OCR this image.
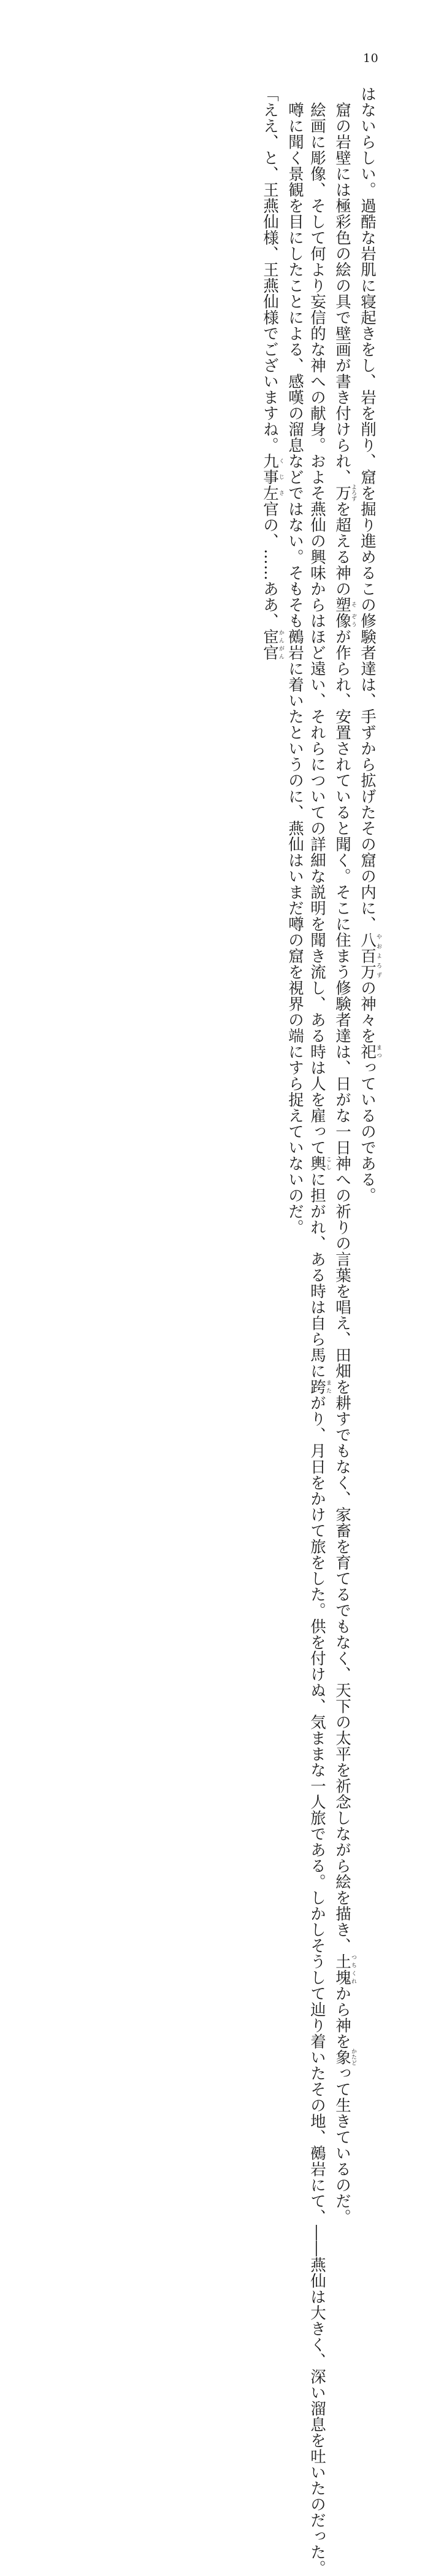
10

はないらしい。過酷な岩肌に寝起きをし、岩を削り、窟を掘り進めるこの修験者達は、手ずから拡げたその窟の内に、八百万やおよろずの神々を祀まつっているのである。

窟の岩壁には極彩色の絵の具で壁画が書き付けられ、万よろずを超える神の塑そ像ぞうが作られ、安置されていると聞く。そこに住まう修験者達は、日がな一日神への祈りの言葉を唱え、田畑を耕すでもなく、家畜を育てるでもなく、天下の太平を祈念しながら絵を描き、土塊つちくれから神を象かたどって生きているのだ。

絵画に彫像、そして何より妄信的な神への献身。およそ燕仙の興味からはほど遠い、それらについての詳細な説明を聞き流し、ある時は人を雇って輿こしに担がれ、ある時は自ら馬に跨またがり、月日をかけて旅をした。供を付けぬ、気ままな一人旅である。しかしそうして辿り着いたその地、鵺岩にて、――燕仙は大きく、深い溜息を吐いたのだった。

噂に聞く景観を目にしたことによる、感嘆の溜息などではない。そもそも鵺岩に着いたというのに、燕仙はいまだ噂の窟を視界の端にすら捉えていないのだ。

「ええ、と、王燕仙様、王燕仙様でございますね。九事くじ左さ官の、……ああ、宦官かんがん
